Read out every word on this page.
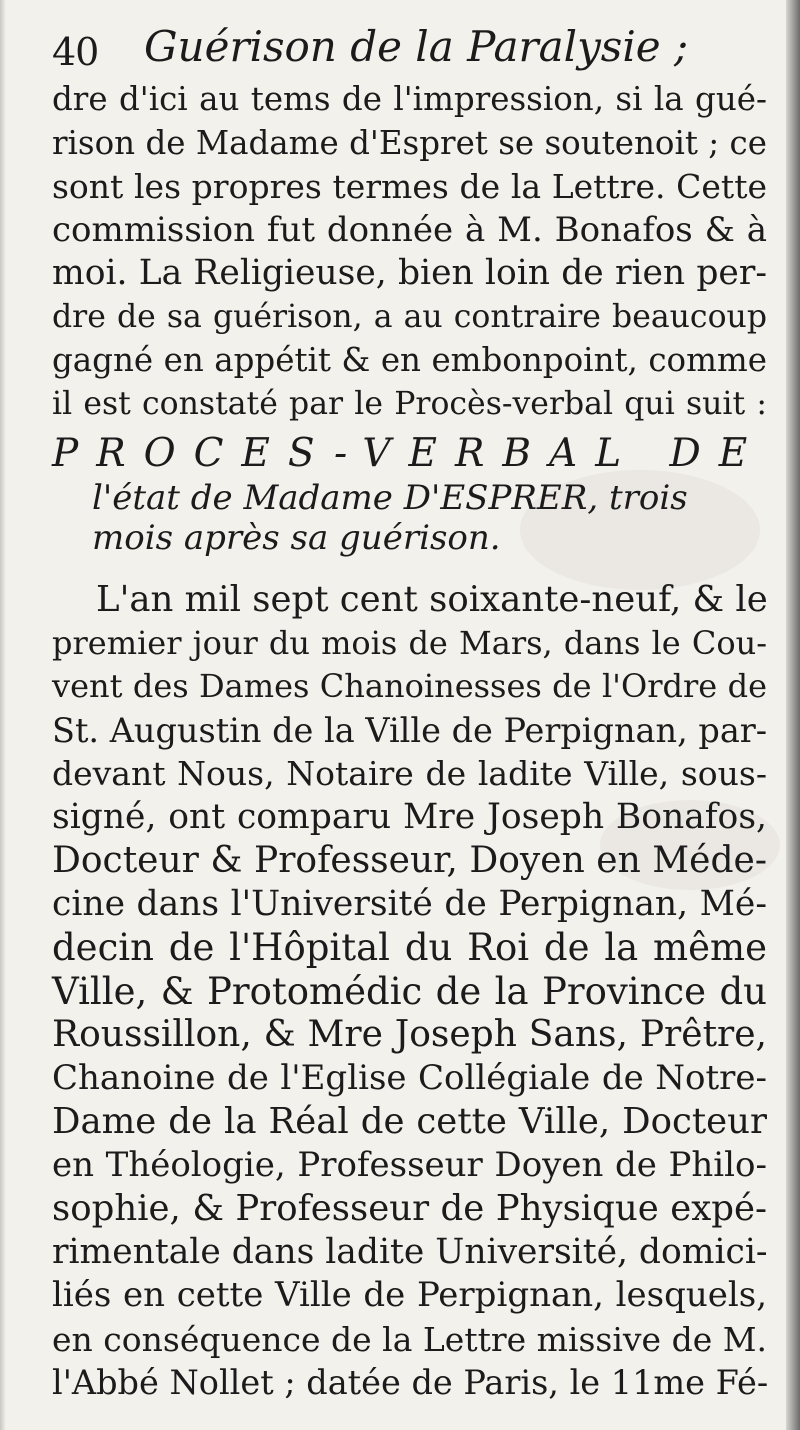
40 Guérison de la Paralysie ;
dre d'ici au tems de l'impression, si la gué-
rison de Madame d'Espret se soutenoit ; ce
sont les propres termes de la Lettre. Cette
commission fut donnée à M. Bonafos & à
moi. La Religieuse, bien loin de rien per-
dre de sa guérison, a au contraire beaucoup
gagné en appétit & en embonpoint, comme
il est constaté par le Procès-verbal qui suit :
PROCES-VERBAL DE
l'état de Madame D'ESPRER, trois
mois après sa guérison.
L'an mil sept cent soixante-neuf, & le
premier jour du mois de Mars, dans le Cou-
vent des Dames Chanoinesses de l'Ordre de
St. Augustin de la Ville de Perpignan, par-
devant Nous, Notaire de ladite Ville, sous-
signé, ont comparu Mre Joseph Bonafos,
Docteur & Professeur, Doyen en Méde-
cine dans l'Université de Perpignan, Mé-
decin de l'Hôpital du Roi de la même
Ville, & Protomédic de la Province du
Roussillon, & Mre Joseph Sans, Prêtre,
Chanoine de l'Eglise Collégiale de Notre-
Dame de la Réal de cette Ville, Docteur
en Théologie, Professeur Doyen de Philo-
sophie, & Professeur de Physique expé-
rimentale dans ladite Université, domici-
liés en cette Ville de Perpignan, lesquels,
en conséquence de la Lettre missive de M.
l'Abbé Nollet ; datée de Paris, le 11me Fé-
